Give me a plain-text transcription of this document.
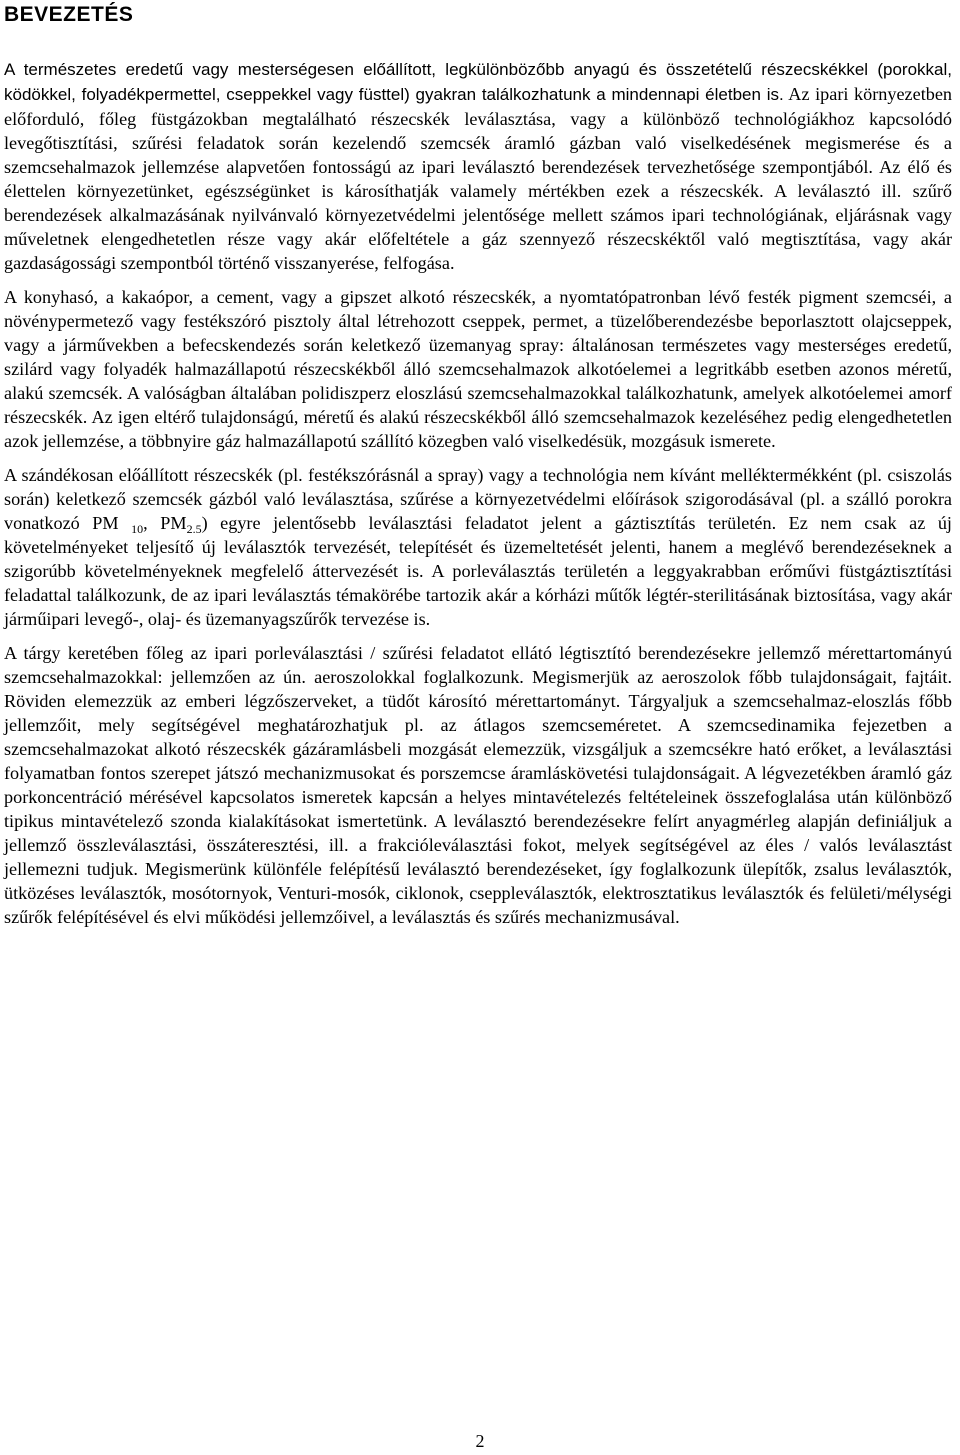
BEVEZETÉS

A természetes eredetű vagy mesterségesen előállított, legkülönbözőbb anyagú és összetételű részecskékkel (porokkal, ködökkel, folyadékpermettel, cseppekkel vagy füsttel) gyakran találkozhatunk a mindennapi életben is. Az ipari környezetben előforduló, főleg füstgázokban megtalálható részecskék leválasztása, vagy a különböző technológiákhoz kapcsolódó levegőtisztítási, szűrési feladatok során kezelendő szemcsék áramló gázban való viselkedésének megismerése és a szemcsehalmazok jellemzése alapvetően fontosságú az ipari leválasztó berendezések tervezhetősége szempontjából. Az élő és élettelen környezetünket, egészségünket is károsíthatják valamely mértékben ezek a részecskék. A leválasztó ill. szűrő berendezések alkalmazásának nyilvánvaló környezetvédelmi jelentősége mellett számos ipari technológiának, eljárásnak vagy műveletnek elengedhetetlen része vagy akár előfeltétele a gáz szennyező részecskéktől való megtisztítása, vagy akár gazdaságossági szempontból történő visszanyerése, felfogása.

A konyhasó, a kakaópor, a cement, vagy a gipszet alkotó részecskék, a nyomtatópatronban lévő festék pigment szemcséi, a növénypermetező vagy festékszóró pisztoly által létrehozott cseppek, permet, a tüzelőberendezésbe beporlasztott olajcseppek, vagy a járművekben a befecskendezés során keletkező üzemanyag spray: általánosan természetes vagy mesterséges eredetű, szilárd vagy folyadék halmazállapotú részecskékből álló szemcsehalmazok alkotóelemei a legritkább esetben azonos méretű, alakú szemcsék. A valóságban általában polidiszperz eloszlású szemcsehalmazokkal találkozhatunk, amelyek alkotóelemei amorf részecskék. Az igen eltérő tulajdonságú, méretű és alakú részecskékből álló szemcsehalmazok kezeléséhez pedig elengedhetetlen azok jellemzése, a többnyire gáz halmazállapotú szállító közegben való viselkedésük, mozgásuk ismerete.

A szándékosan előállított részecskék (pl. festékszórásnál a spray) vagy a technológia nem kívánt melléktermékként (pl. csiszolás során) keletkező szemcsék gázból való leválasztása, szűrése a környezetvédelmi előírások szigorodásával (pl. a szálló porokra vonatkozó PM $_{10}$, $PM_{2.5}$) egyre jelentősebb leválasztási feladatot jelent a gáztisztítás területén. Ez nem csak az új követelményeket teljesítő új leválasztók tervezését, telepítését és üzemeltetését jelenti, hanem a meglévő berendezéseknek a szigorúbb követelményeknek megfelelő áttervezését is. A porleválasztás területén a leggyakrabban erőművi füstgáztisztítási feladattal találkozunk, de az ipari leválasztás témakörébe tartozik akár a kórházi műtők légtér-sterilitásának biztosítása, vagy akár járműipari levegő-, olaj- és üzemanyagszűrők tervezése is.

A tárgy keretében főleg az ipari porleválasztási / szűrési feladatot ellátó légtisztító berendezésekre jellemző mérettartományú szemcsehalmazokkal: jellemzően az ún. aeroszolokkal foglalkozunk. Megismerjük az aeroszolok főbb tulajdonságait, fajtáit. Röviden elemezzük az emberi légzőszerveket, a tüdőt károsító mérettartományt. Tárgyaljuk a szemcsehalmaz-eloszlás főbb jellemzőit, mely segítségével meghatározhatjuk pl. az átlagos szemcseméretet. A szemcsedinamika fejezetben a szemcsehalmazokat alkotó részecskék gázáramlásbeli mozgását elemezzük, vizsgáljuk a szemcsékre ható erőket, a leválasztási folyamatban fontos szerepet játszó mechanizmusokat és porszemcse áramláskövetési tulajdonságait. A légvezetékben áramló gáz porkoncentráció mérésével kapcsolatos ismeretek kapcsán a helyes mintavételezés feltételeinek összefoglalása után különböző tipikus mintavételező szonda kialakításokat ismertetünk. A leválasztó berendezésekre felírt anyagmérleg alapján definiáljuk a jellemző összleválasztási, összáteresztési, ill. a frakcióleválasztási fokot, melyek segítségével az éles / valós leválasztást jellemezni tudjuk. Megismerünk különféle felépítésű leválasztó berendezéseket, így foglalkozunk ülepítők, zsalus leválasztók, ütközéses leválasztók, mosótornyok, Venturi-mosók, ciklonok, cseppleválasztók, elektrosztatikus leválasztók és felületi/mélységi szűrők felépítésével és elvi működési jellemzőivel, a leválasztás és szűrés mechanizmusával.

2
